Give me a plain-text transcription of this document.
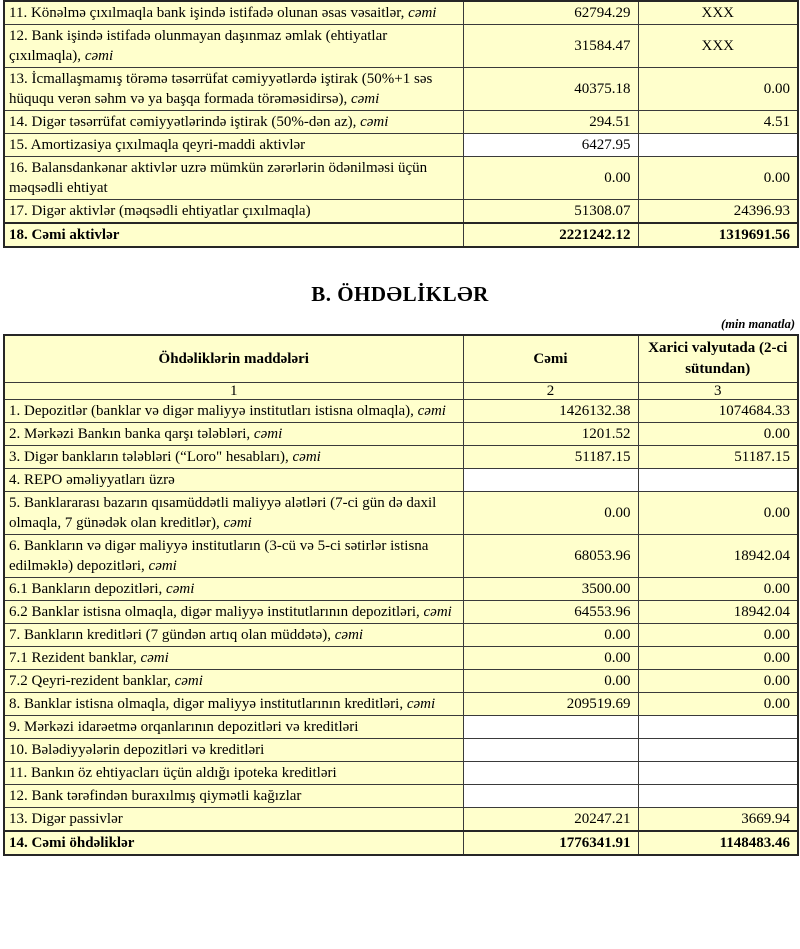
11. Könəlmə çıxılmaqla bank işində istifadə olunan əsas vəsaitlər, cəmi	62794.29	XXX
12. Bank işində istifadə olunmayan daşınmaz əmlak (ehtiyatlar çıxılmaqla), cəmi	31584.47	XXX
13. İcmallaşmamış törəmə təsərrüfat cəmiyyətlərdə iştirak (50%+1 səs hüququ verən səhm və ya başqa formada törəməsidirsə), cəmi	40375.18	0.00
14. Digər təsərrüfat cəmiyyətlərində iştirak (50%-dən az), cəmi	294.51	4.51
15. Amortizasiya çıxılmaqla qeyri-maddi aktivlər	6427.95	
16. Balansdankənar aktivlər uzrə mümkün zərərlərin ödənilməsi üçün məqsədli ehtiyat	0.00	0.00
17. Digər aktivlər (məqsədli ehtiyatlar çıxılmaqla)	51308.07	24396.93
18. Cəmi aktivlər	2221242.12	1319691.56
B. ÖHDƏLİKLƏR
(min manatla)
Öhdəliklərin maddələri	Cəmi	Xarici valyutada (2-ci sütundan)
1	2	3
1. Depozitlər (banklar və digər maliyyə institutları istisna olmaqla), cəmi	1426132.38	1074684.33
2. Mərkəzi Bankın banka qarşı tələbləri, cəmi	1201.52	0.00
3. Digər bankların tələbləri (“Loro" hesabları), cəmi	51187.15	51187.15
4. REPO əməliyyatları üzrə		
5. Banklararası bazarın qısamüddətli maliyyə alətləri (7-ci gün də daxil olmaqla, 7 günədək olan kreditlər), cəmi	0.00	0.00
6. Bankların və digər maliyyə institutların (3-cü və 5-ci sətirlər istisna edilməklə) depozitləri, cəmi	68053.96	18942.04
6.1 Bankların depozitləri, cəmi	3500.00	0.00
6.2 Banklar istisna olmaqla, digər maliyyə institutlarının depozitləri, cəmi	64553.96	18942.04
7. Bankların kreditləri (7 gündən artıq olan müddətə), cəmi	0.00	0.00
7.1 Rezident banklar, cəmi	0.00	0.00
7.2 Qeyri-rezident banklar, cəmi	0.00	0.00
8. Banklar istisna olmaqla, digər maliyyə institutlarının kreditləri, cəmi	209519.69	0.00
9. Mərkəzi idarəetmə orqanlarının depozitləri və kreditləri		
10. Bələdiyyələrin depozitləri və kreditləri		
11. Bankın öz ehtiyacları üçün aldığı ipoteka kreditləri		
12. Bank tərəfindən buraxılmış qiymətli kağızlar		
13. Digər passivlər	20247.21	3669.94
14. Cəmi öhdəliklər	1776341.91	1148483.46
